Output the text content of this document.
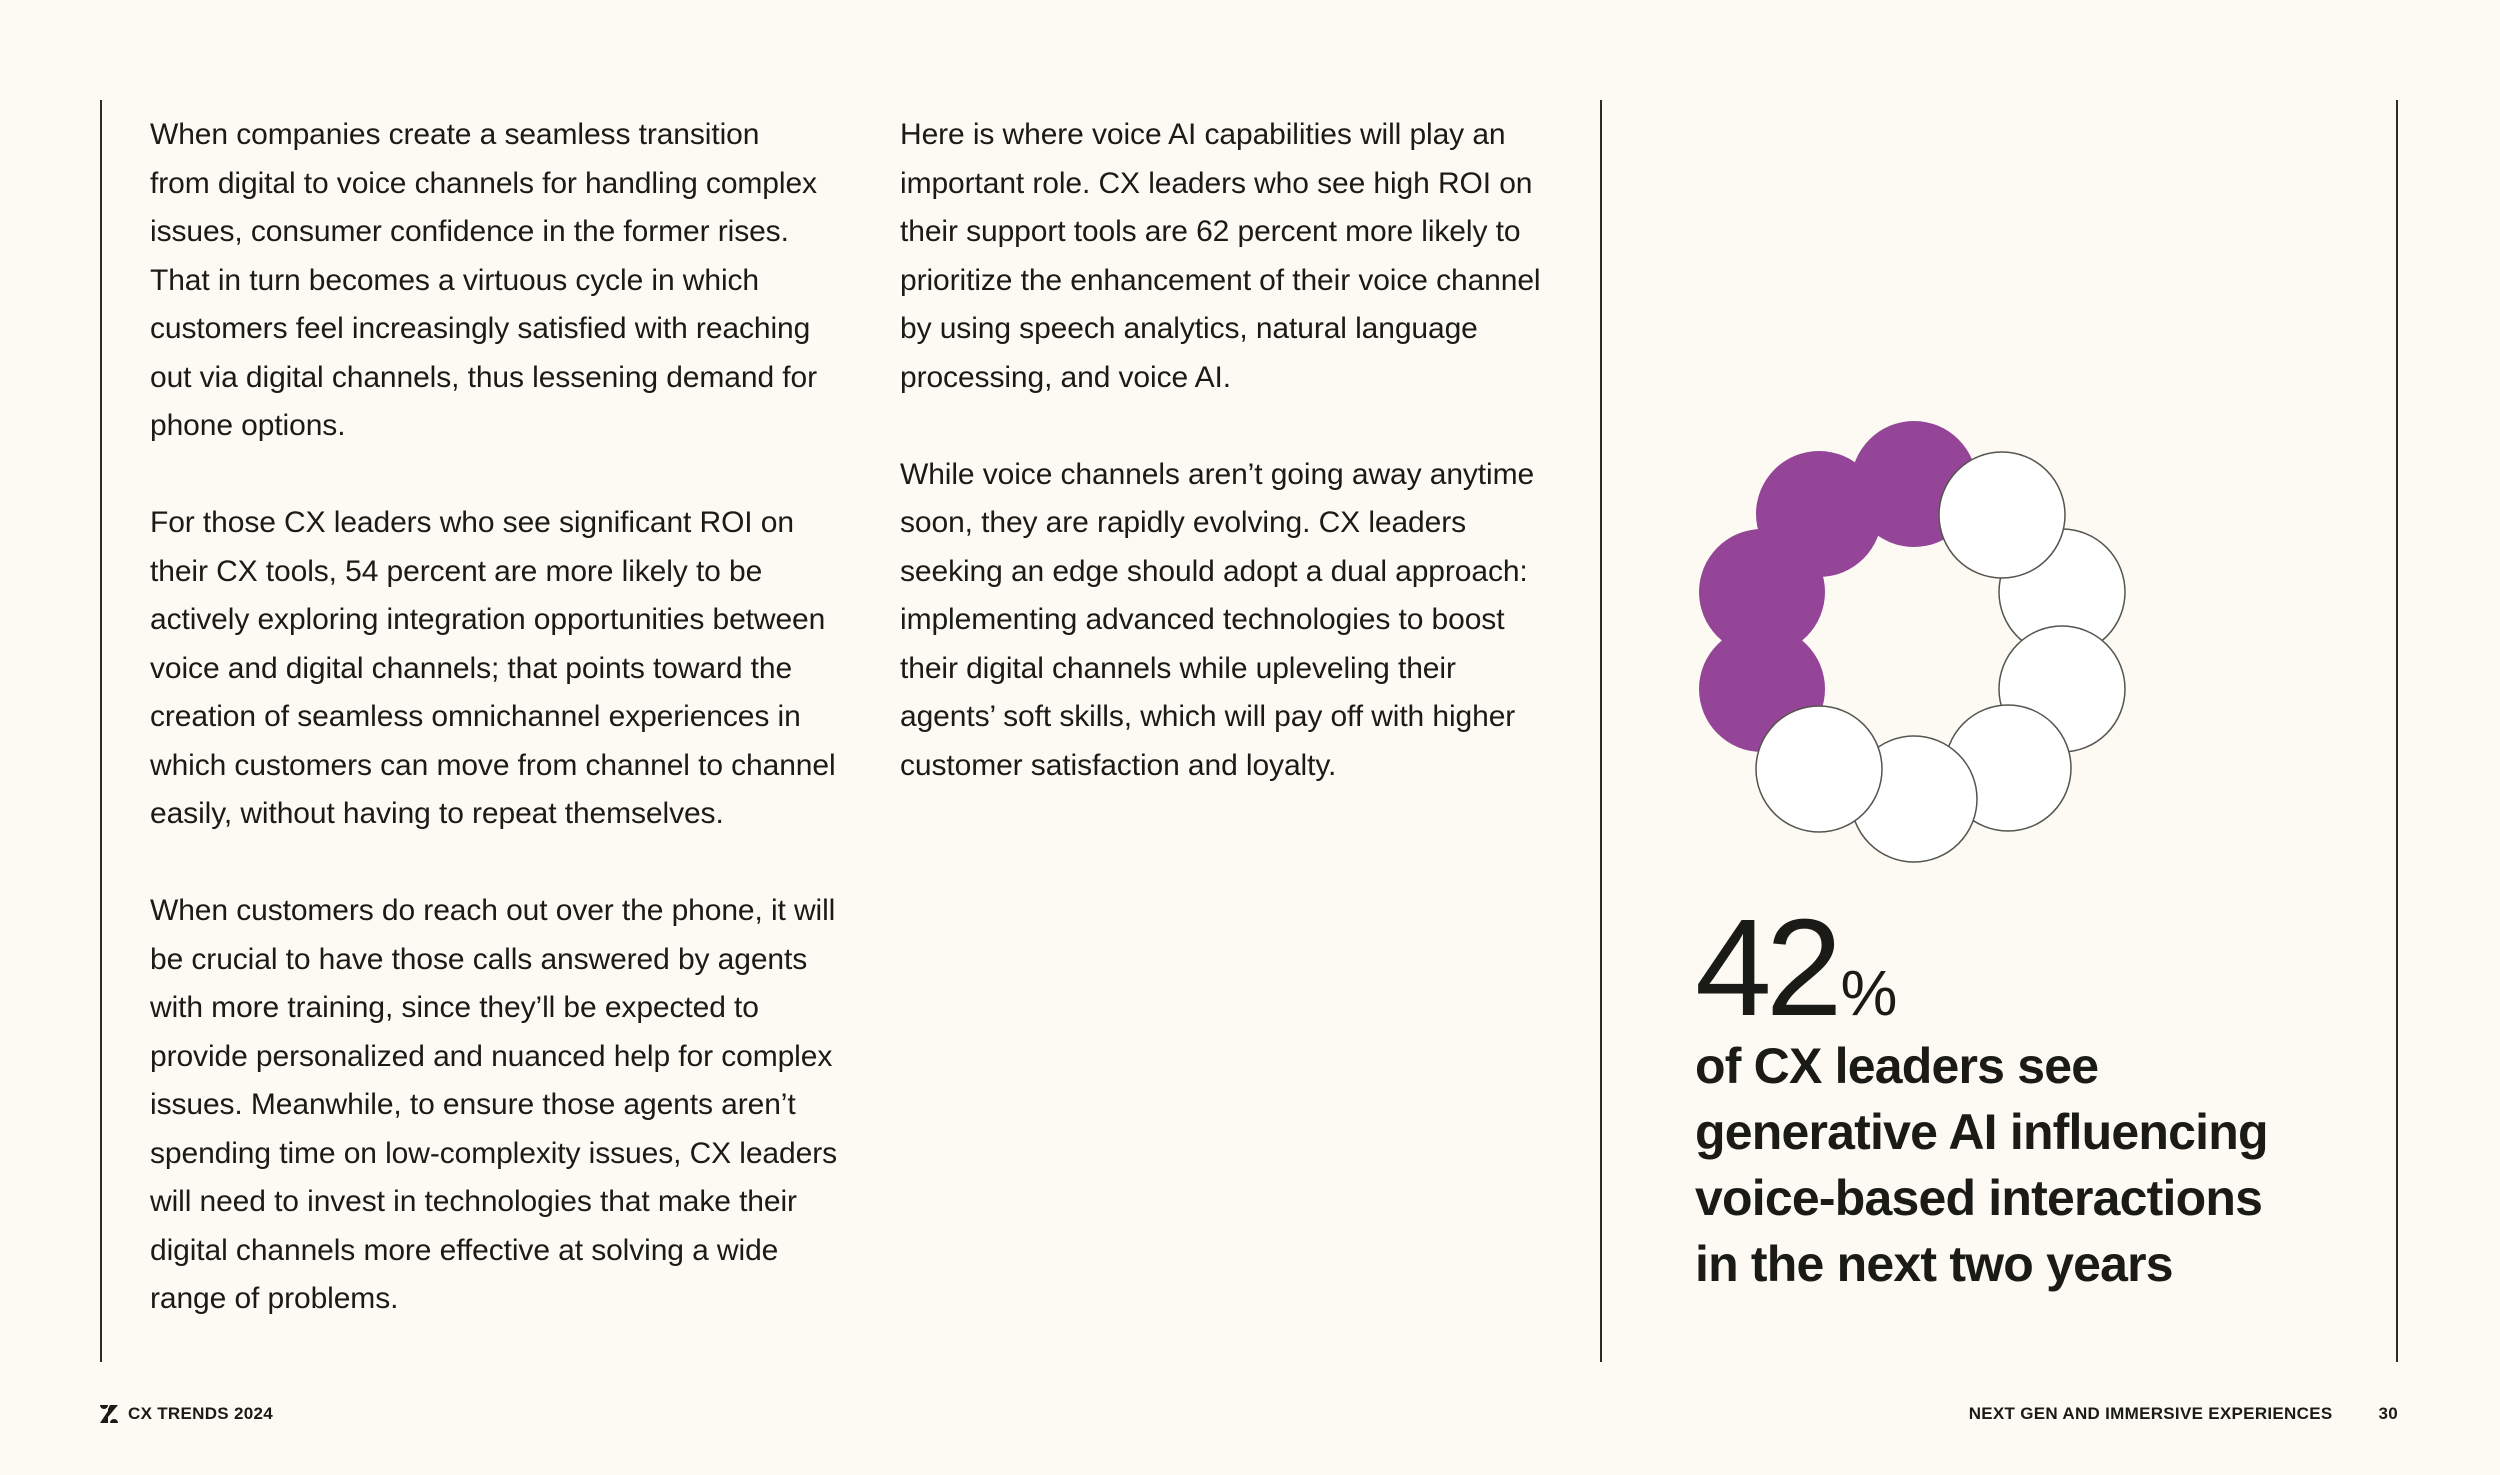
When companies create a seamless transition
from digital to voice channels for handling complex
issues, consumer confidence in the former rises.
That in turn becomes a virtuous cycle in which
customers feel increasingly satisfied with reaching
out via digital channels, thus lessening demand for
phone options.

For those CX leaders who see significant ROI on
their CX tools, 54 percent are more likely to be
actively exploring integration opportunities between
voice and digital channels; that points toward the
creation of seamless omnichannel experiences in
which customers can move from channel to channel
easily, without having to repeat themselves.

When customers do reach out over the phone, it will
be crucial to have those calls answered by agents
with more training, since they’ll be expected to
provide personalized and nuanced help for complex
issues. Meanwhile, to ensure those agents aren’t
spending time on low-complexity issues, CX leaders
will need to invest in technologies that make their
digital channels more effective at solving a wide
range of problems.

Here is where voice AI capabilities will play an
important role. CX leaders who see high ROI on
their support tools are 62 percent more likely to
prioritize the enhancement of their voice channel
by using speech analytics, natural language
processing, and voice AI.

While voice channels aren’t going away anytime
soon, they are rapidly evolving. CX leaders
seeking an edge should adopt a dual approach:
implementing advanced technologies to boost
their digital channels while upleveling their
agents’ soft skills, which will pay off with higher
customer satisfaction and loyalty.

42%
of CX leaders see
generative AI influencing
voice-based interactions
in the next two years
CX TRENDS 2024	NEXT GEN AND IMMERSIVE EXPERIENCES	30
